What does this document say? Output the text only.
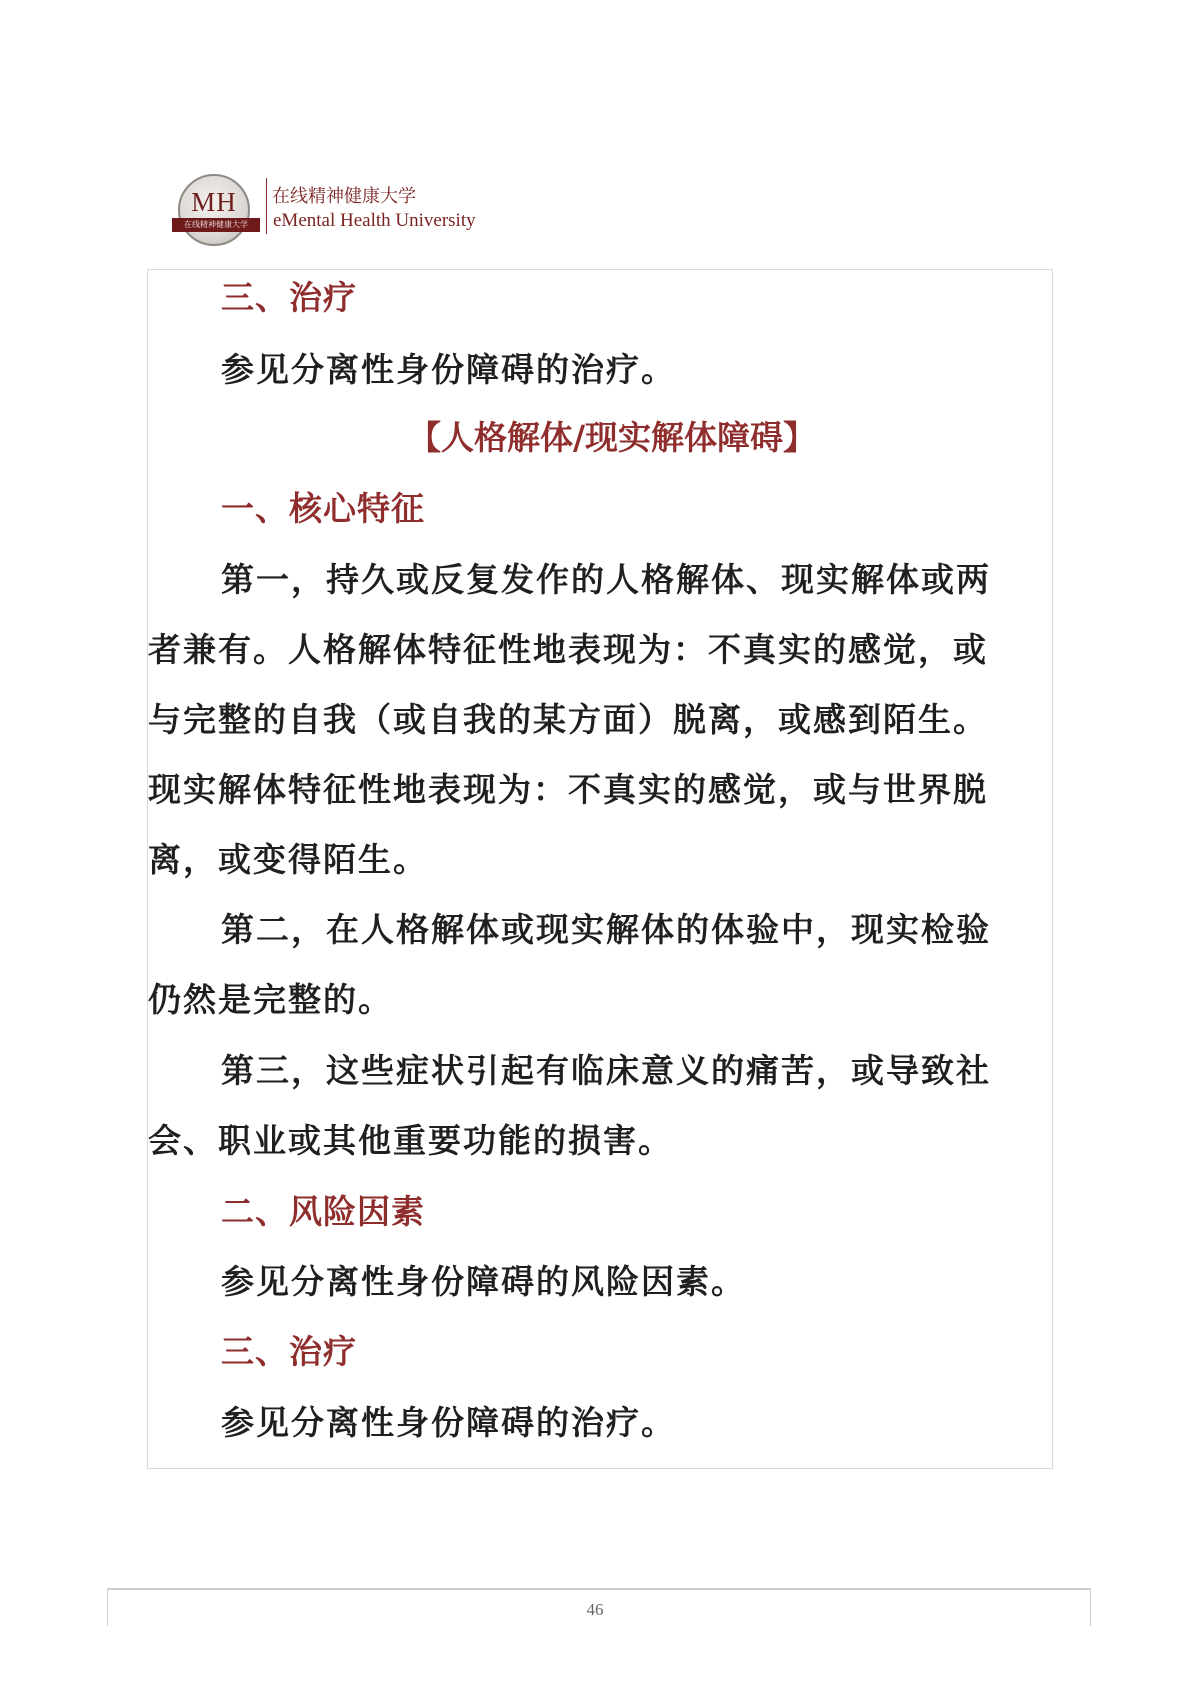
MH
在线精神健康大学
在线精神健康大学
eMental Health University
三、治疗
参见分离性身份障碍的治疗。
【人格解体/现实解体障碍】
一、核心特征
第一，持久或反复发作的人格解体、现实解体或两
者兼有。人格解体特征性地表现为：不真实的感觉，或
与完整的自我（或自我的某方面）脱离，或感到陌生。
现实解体特征性地表现为：不真实的感觉，或与世界脱
离，或变得陌生。
第二，在人格解体或现实解体的体验中，现实检验
仍然是完整的。
第三，这些症状引起有临床意义的痛苦，或导致社
会、职业或其他重要功能的损害。
二、风险因素
参见分离性身份障碍的风险因素。
三、治疗
参见分离性身份障碍的治疗。
46
